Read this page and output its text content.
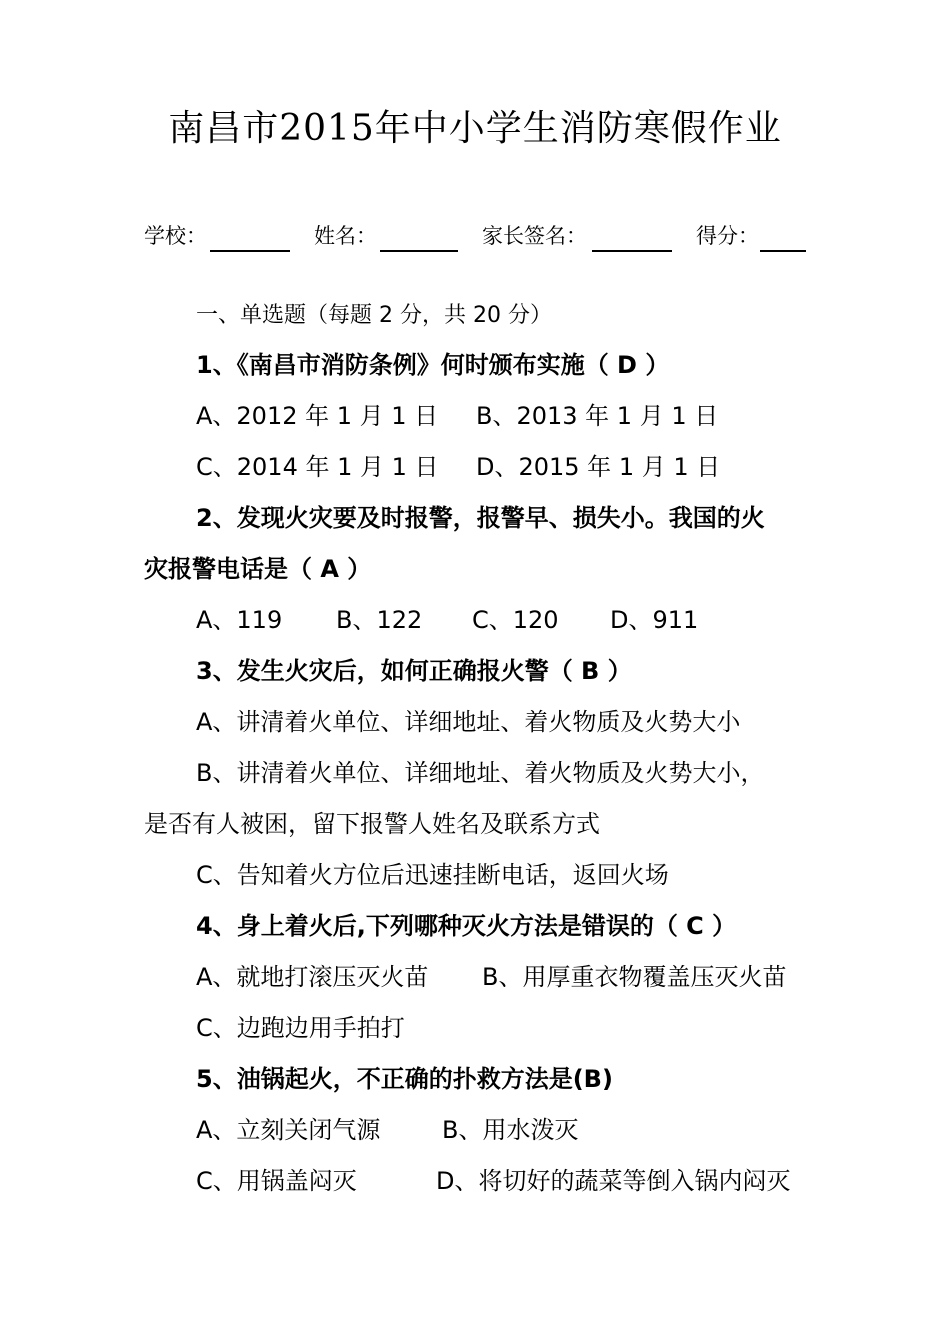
南昌市2015年中小学生消防寒假作业
学校：	姓名：	家长签名：	得分：
一、单选题（每题 2 分，共 20 分）
1、《南昌市消防条例》何时颁布实施（ D ）
A、2012 年 1 月 1 日 B、2013 年 1 月 1 日
C、2014 年 1 月 1 日 D、2015 年 1 月 1 日
2、发现火灾要及时报警，报警早、损失小。我国的火
灾报警电话是（ A ）
A、119 B、122 C、120 D、911
3、发生火灾后，如何正确报火警（ B ）
A、讲清着火单位、详细地址、着火物质及火势大小
B、讲清着火单位、详细地址、着火物质及火势大小，
是否有人被困，留下报警人姓名及联系方式
C、告知着火方位后迅速挂断电话，返回火场
4、身上着火后,下列哪种灭火方法是错误的（ C ）
A、就地打滚压灭火苗 B、用厚重衣物覆盖压灭火苗
C、边跑边用手拍打
5、油锅起火，不正确的扑救方法是(B)
A、立刻关闭气源	B、用水泼灭
C、用锅盖闷灭	D、将切好的蔬菜等倒入锅内闷灭
